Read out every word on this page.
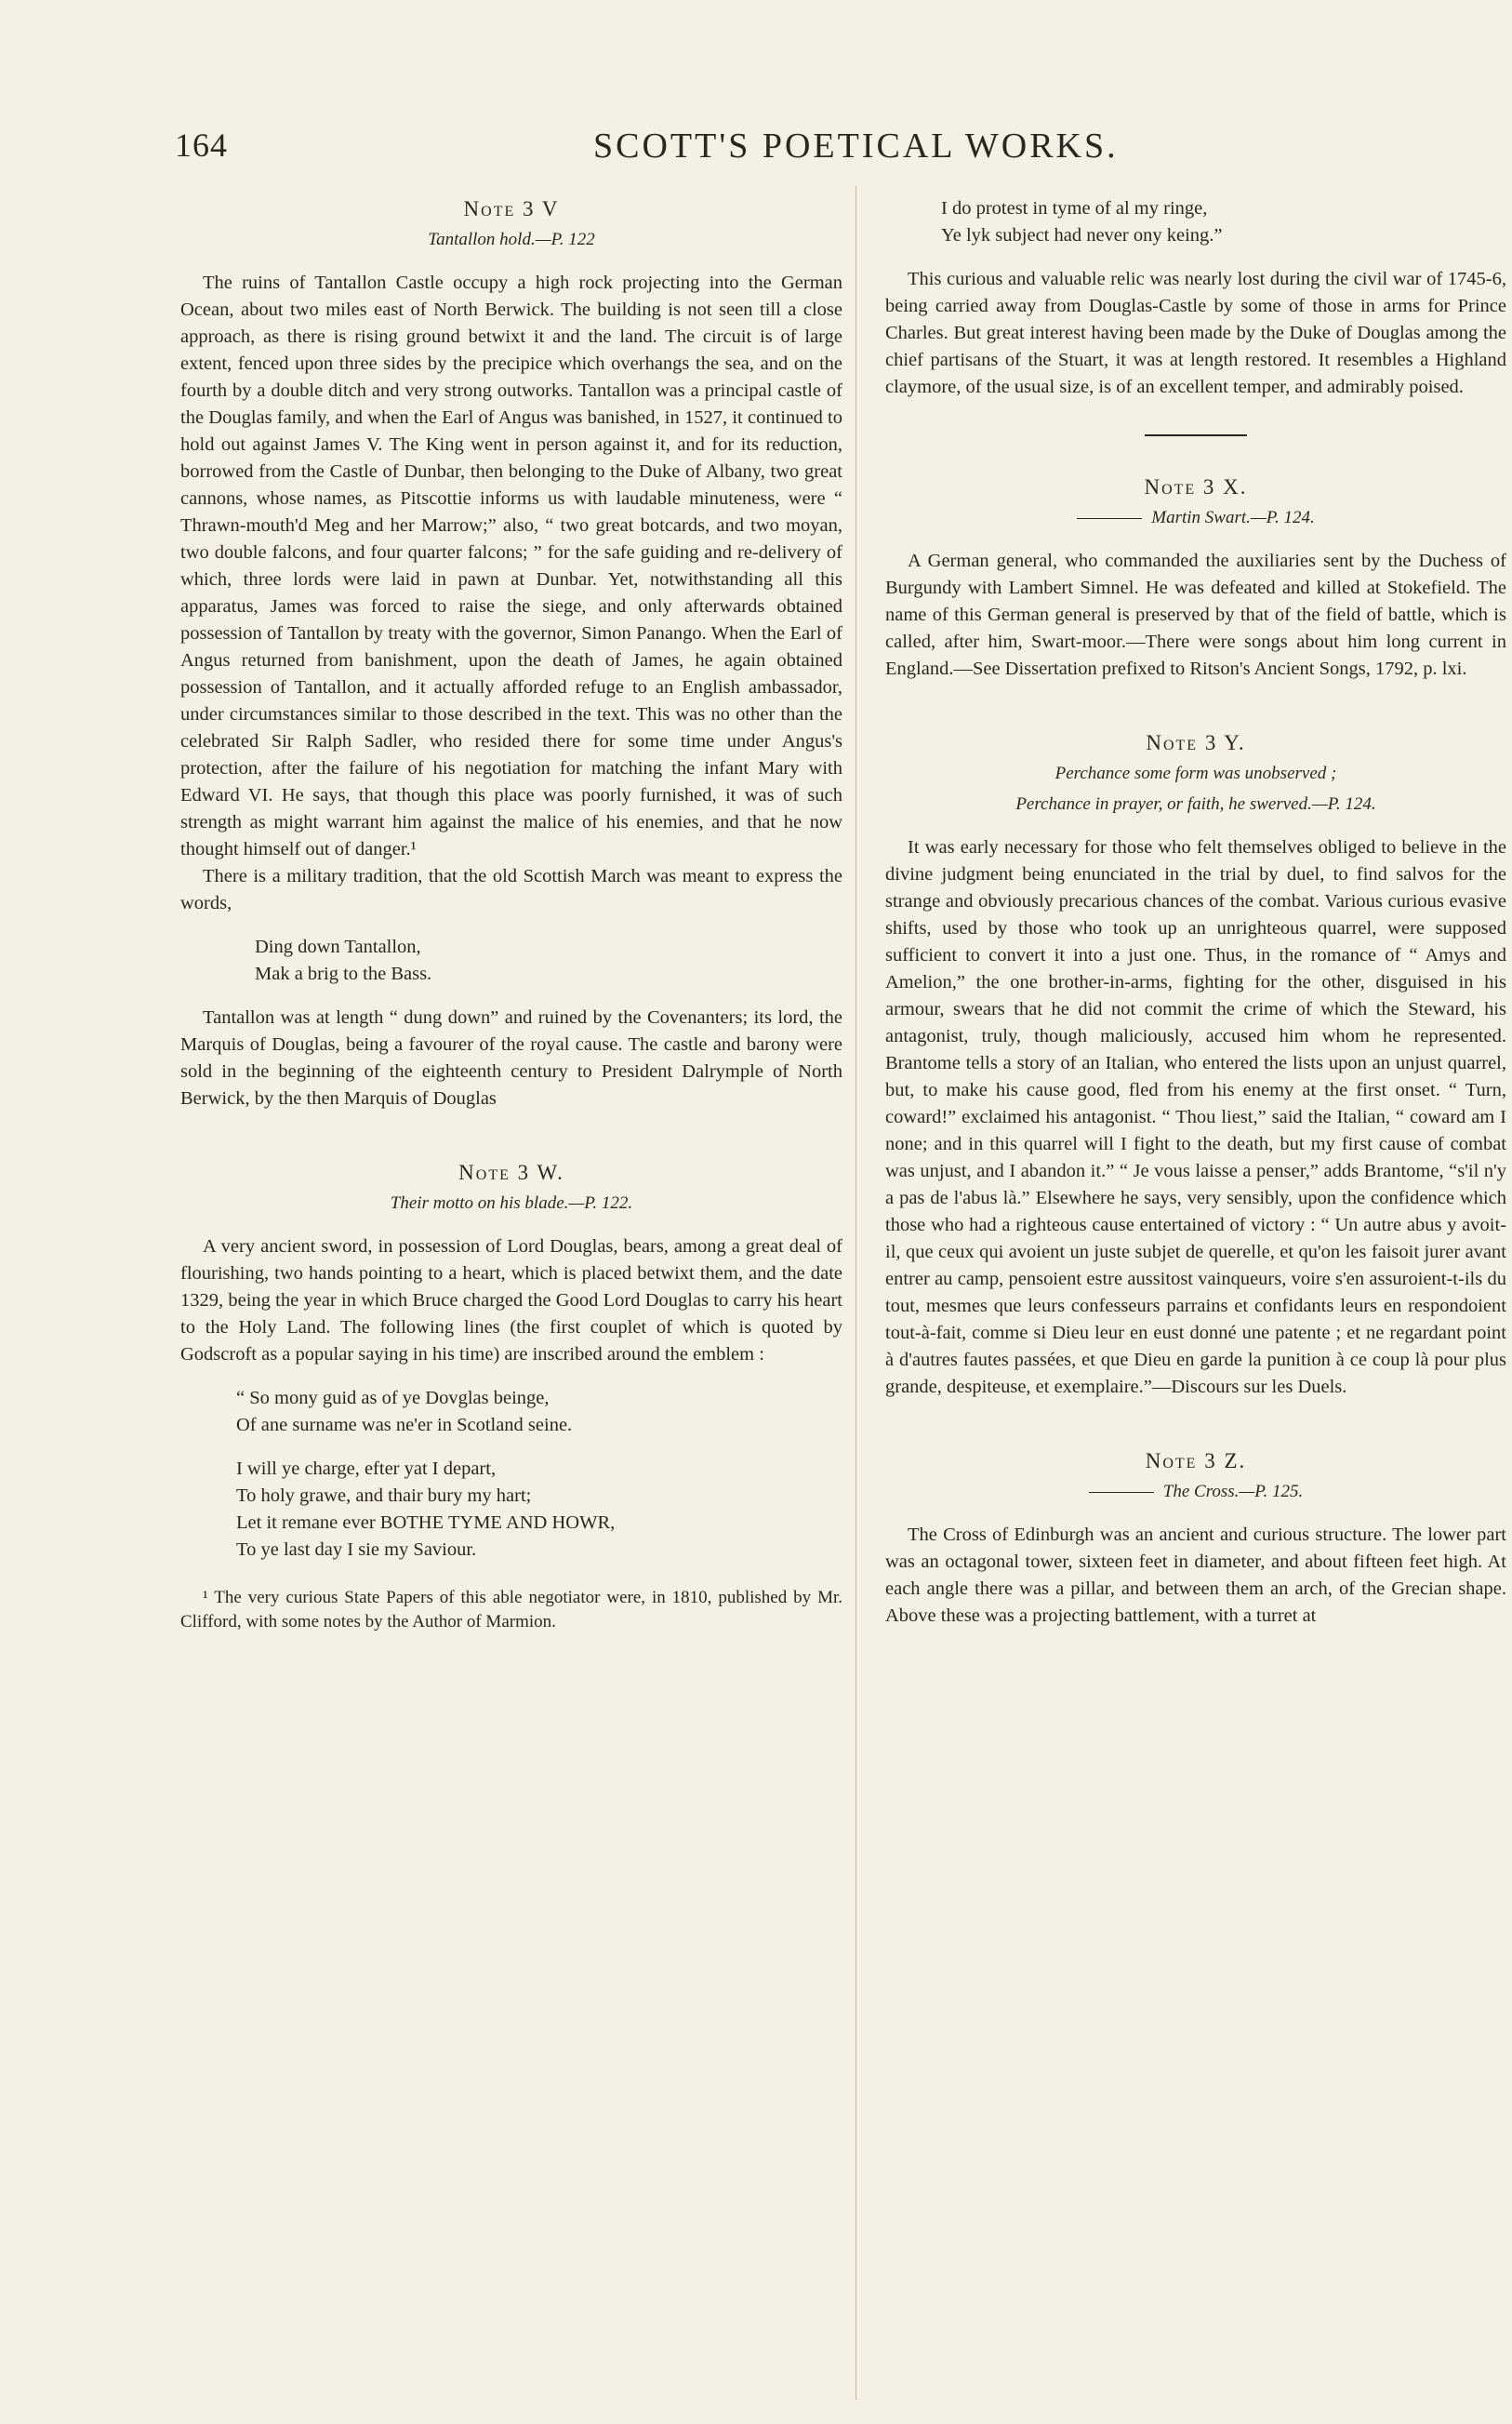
164	SCOTT'S POETICAL WORKS.
Note 3 V
Tantallon hold.—P. 122

The ruins of Tantallon Castle occupy a high rock projecting into the German Ocean, about two miles east of North Berwick. The building is not seen till a close approach, as there is rising ground betwixt it and the land. The circuit is of large extent, fenced upon three sides by the precipice which overhangs the sea, and on the fourth by a double ditch and very strong outworks. Tantallon was a principal castle of the Douglas family, and when the Earl of Angus was banished, in 1527, it continued to hold out against James V. The King went in person against it, and for its reduction, borrowed from the Castle of Dunbar, then belonging to the Duke of Albany, two great cannons, whose names, as Pitscottie informs us with laudable minuteness, were “ Thrawn-mouth'd Meg and her Marrow;” also, “ two great botcards, and two moyan, two double falcons, and four quarter falcons; ” for the safe guiding and re-delivery of which, three lords were laid in pawn at Dunbar. Yet, notwithstanding all this apparatus, James was forced to raise the siege, and only afterwards obtained possession of Tantallon by treaty with the governor, Simon Panango. When the Earl of Angus returned from banishment, upon the death of James, he again obtained possession of Tantallon, and it actually afforded refuge to an English ambassador, under circumstances similar to those described in the text. This was no other than the celebrated Sir Ralph Sadler, who resided there for some time under Angus's protection, after the failure of his negotiation for matching the infant Mary with Edward VI. He says, that though this place was poorly furnished, it was of such strength as might warrant him against the malice of his enemies, and that he now thought himself out of danger.¹

There is a military tradition, that the old Scottish March was meant to express the words,

Ding down Tantallon,
Mak a brig to the Bass.

Tantallon was at length “ dung down” and ruined by the Covenanters; its lord, the Marquis of Douglas, being a favourer of the royal cause. The castle and barony were sold in the beginning of the eighteenth century to President Dalrymple of North Berwick, by the then Marquis of Douglas

Note 3 W.
Their motto on his blade.—P. 122.

A very ancient sword, in possession of Lord Douglas, bears, among a great deal of flourishing, two hands pointing to a heart, which is placed betwixt them, and the date 1329, being the year in which Bruce charged the Good Lord Douglas to carry his heart to the Holy Land. The following lines (the first couplet of which is quoted by Godscroft as a popular saying in his time) are inscribed around the emblem :

“ So mony guid as of ye Dovglas beinge,
Of ane surname was ne'er in Scotland seine.
I will ye charge, efter yat I depart,
To holy grawe, and thair bury my hart;
Let it remane ever BOTHE TYME AND HOWR,
To ye last day I sie my Saviour.

¹ The very curious State Papers of this able negotiator were, in 1810, published by Mr. Clifford, with some notes by the Author of Marmion.

I do protest in tyme of al my ringe,
Ye lyk subject had never ony keing.”

This curious and valuable relic was nearly lost during the civil war of 1745-6, being carried away from Douglas-Castle by some of those in arms for Prince Charles. But great interest having been made by the Duke of Douglas among the chief partisans of the Stuart, it was at length restored. It resembles a Highland claymore, of the usual size, is of an excellent temper, and admirably poised.

Note 3 X.
Martin Swart.—P. 124.

A German general, who commanded the auxiliaries sent by the Duchess of Burgundy with Lambert Simnel. He was defeated and killed at Stokefield. The name of this German general is preserved by that of the field of battle, which is called, after him, Swart-moor.—There were songs about him long current in England.—See Dissertation prefixed to Ritson's Ancient Songs, 1792, p. lxi.

Note 3 Y.
Perchance some form was unobserved ;
Perchance in prayer, or faith, he swerved.—P. 124.

It was early necessary for those who felt themselves obliged to believe in the divine judgment being enunciated in the trial by duel, to find salvos for the strange and obviously precarious chances of the combat. Various curious evasive shifts, used by those who took up an unrighteous quarrel, were supposed sufficient to convert it into a just one. Thus, in the romance of “ Amys and Amelion,” the one brother-in-arms, fighting for the other, disguised in his armour, swears that he did not commit the crime of which the Steward, his antagonist, truly, though maliciously, accused him whom he represented. Brantome tells a story of an Italian, who entered the lists upon an unjust quarrel, but, to make his cause good, fled from his enemy at the first onset. “ Turn, coward!” exclaimed his antagonist. “ Thou liest,” said the Italian, “ coward am I none; and in this quarrel will I fight to the death, but my first cause of combat was unjust, and I abandon it.” “ Je vous laisse a penser,” adds Brantome, “s'il n'y a pas de l'abus là.” Elsewhere he says, very sensibly, upon the confidence which those who had a righteous cause entertained of victory : “ Un autre abus y avoit-il, que ceux qui avoient un juste subjet de querelle, et qu'on les faisoit jurer avant entrer au camp, pensoient estre aussitost vainqueurs, voire s'en assuroient-t-ils du tout, mesmes que leurs confesseurs parrains et confidants leurs en respondoient tout-à-fait, comme si Dieu leur en eust donné une patente ; et ne regardant point à d'autres fautes passées, et que Dieu en garde la punition à ce coup là pour plus grande, despiteuse, et exemplaire.”—Discours sur les Duels.

Note 3 Z.
The Cross.—P. 125.

The Cross of Edinburgh was an ancient and curious structure. The lower part was an octagonal tower, sixteen feet in diameter, and about fifteen feet high. At each angle there was a pillar, and between them an arch, of the Grecian shape. Above these was a projecting battlement, with a turret at
